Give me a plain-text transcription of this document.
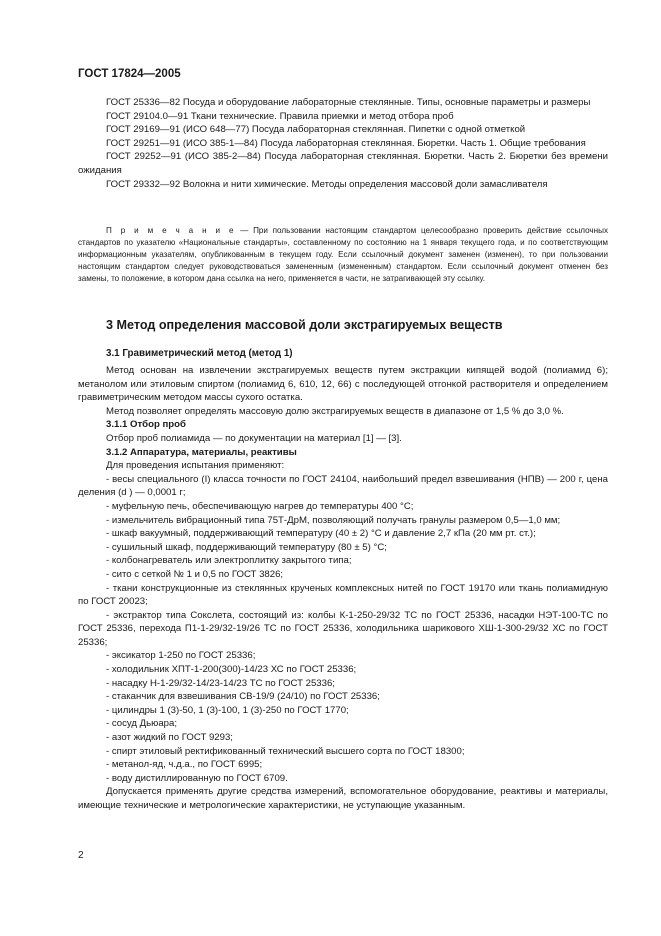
ГОСТ 17824—2005

ГОСТ 25336—82 Посуда и оборудование лабораторные стеклянные. Типы, основные параметры и размеры

ГОСТ 29104.0—91 Ткани технические. Правила приемки и метод отбора проб

ГОСТ 29169—91 (ИСО 648—77) Посуда лабораторная стеклянная. Пипетки с одной отметкой

ГОСТ 29251—91 (ИСО 385-1—84) Посуда лабораторная стеклянная. Бюретки. Часть 1. Общие требования

ГОСТ 29252—91 (ИСО 385-2—84) Посуда лабораторная стеклянная. Бюретки. Часть 2. Бюретки без времени ожидания

ГОСТ 29332—92 Волокна и нити химические. Методы определения массовой доли замасливателя

П р и м е ч а н и е — При пользовании настоящим стандартом целесообразно проверить действие ссылочных стандартов по указателю «Национальные стандарты», составленному по состоянию на 1 января текущего года, и по соответствующим информационным указателям, опубликованным в текущем году. Если ссылочный документ заменен (изменен), то при пользовании настоящим стандартом следует руководствоваться замененным (измененным) стандартом. Если ссылочный документ отменен без замены, то положение, в котором дана ссылка на него, применяется в части, не затрагивающей эту ссылку.

3 Метод определения массовой доли экстрагируемых веществ
3.1 Гравиметрический метод (метод 1)

Метод основан на извлечении экстрагируемых веществ путем экстракции кипящей водой (полиамид 6); метанолом или этиловым спиртом (полиамид 6, 610, 12, 66) с последующей отгонкой растворителя и определением гравиметрическим методом массы сухого остатка.

Метод позволяет определять массовую долю экстрагируемых веществ в диапазоне от 1,5 % до 3,0 %.

3.1.1 Отбор проб

Отбор проб полиамида — по документации на материал [1] — [3].

3.1.2 Аппаратура, материалы, реактивы

Для проведения испытания применяют:

- весы специального (I) класса точности по ГОСТ 24104, наибольший предел взвешивания (НПВ) — 200 г, цена деления (d ) — 0,0001 г;

- муфельную печь, обеспечивающую нагрев до температуры 400 °С;

- измельчитель вибрационный типа 75Т-ДрМ, позволяющий получать гранулы размером 0,5—1,0 мм;

- шкаф вакуумный, поддерживающий температуру (40 ± 2) °С и давление 2,7 кПа (20 мм рт. ст.);

- сушильный шкаф, поддерживающий температуру (80 ± 5) °С;

- колбонагреватель или электроплитку закрытого типа;

- сито с сеткой № 1 и 0,5 по ГОСТ 3826;

- ткани конструкционные из стеклянных крученых комплексных нитей по ГОСТ 19170 или ткань полиамидную по ГОСТ 20023;

- экстрактор типа Сокслета, состоящий из: колбы К-1-250-29/32 ТС по ГОСТ 25336, насадки НЭТ-100-ТС по ГОСТ 25336, перехода П1-1-29/32-19/26 ТС по ГОСТ 25336, холодильника шарикового ХШ-1-300-29/32 ХС по ГОСТ 25336;

- эксикатор 1-250 по ГОСТ 25336;

- холодильник ХПТ-1-200(300)-14/23 ХС по ГОСТ 25336;

- насадку Н-1-29/32-14/23-14/23 ТС по ГОСТ 25336;

- стаканчик для взвешивания СВ-19/9 (24/10) по ГОСТ 25336;

- цилиндры 1 (3)-50, 1 (3)-100, 1 (3)-250 по ГОСТ 1770;

- сосуд Дьюара;

- азот жидкий по ГОСТ 9293;

- спирт этиловый ректификованный технический высшего сорта по ГОСТ 18300;

- метанол-яд, ч.д.а., по ГОСТ 6995;

- воду дистиллированную по ГОСТ 6709.

Допускается применять другие средства измерений, вспомогательное оборудование, реактивы и материалы, имеющие технические и метрологические характеристики, не уступающие указанным.

2
